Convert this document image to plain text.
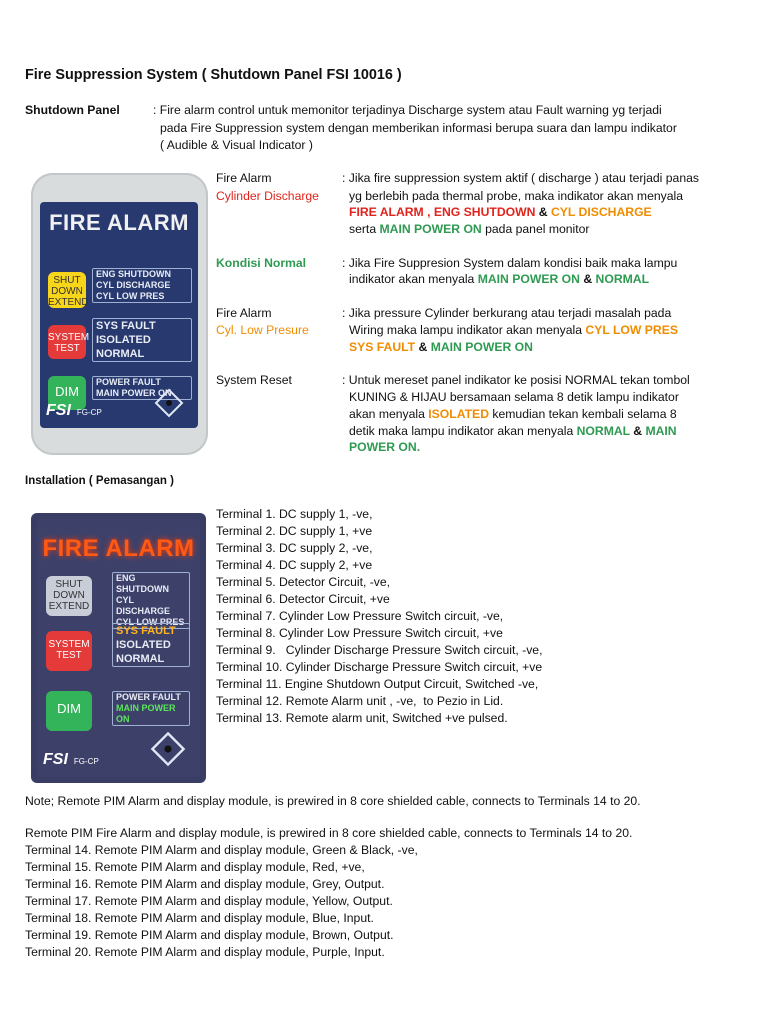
Fire Suppression System ( Shutdown Panel FSI 10016 )
Shutdown Panel	: Fire alarm control untuk memonitor terjadinya Discharge system atau Fault warning yg terjadi
pada Fire Suppression system dengan memberikan informasi berupa suara dan lampu indikator
( Audible & Visual Indicator )
FIRE ALARM
SHUT DOWN EXTEND
SYSTEM TEST
DIM
ENG SHUTDOWN
CYL DISCHARGE
CYL LOW PRES
SYS FAULT
ISOLATED
NORMAL
POWER FAULT
MAIN POWER ON
FSI FG-CP
Fire Alarm
Cylinder Discharge
: Jika fire suppression system aktif ( discharge ) atau terjadi panas
yg berlebih pada thermal probe, maka indikator akan menyala
FIRE ALARM , ENG SHUTDOWN & CYL DISCHARGE
serta MAIN POWER ON pada panel monitor
Kondisi Normal	: Jika Fire Suppresion System dalam kondisi baik maka lampu
indikator akan menyala MAIN POWER ON & NORMAL
Fire Alarm
Cyl. Low Presure
: Jika pressure Cylinder berkurang atau terjadi masalah pada
Wiring maka lampu indikator akan menyala CYL LOW PRES
SYS FAULT & MAIN POWER ON
System Reset	: Untuk mereset panel indikator ke posisi NORMAL tekan tombol
KUNING & HIJAU bersamaan selama 8 detik lampu indikator
akan menyala ISOLATED kemudian tekan kembali selama 8
detik maka lampu indikator akan menyala NORMAL & MAIN
POWER ON.
Installation ( Pemasangan )
FIRE ALARM
SHUT DOWN EXTEND
SYSTEM TEST
DIM
ENG SHUTDOWN
CYL DISCHARGE
CYL LOW PRES
SYS FAULT
ISOLATED
NORMAL
POWER FAULT
MAIN POWER ON
FSI FG-CP
Terminal 1. DC supply 1, -ve,
Terminal 2. DC supply 1, +ve
Terminal 3. DC supply 2, -ve,
Terminal 4. DC supply 2, +ve
Terminal 5. Detector Circuit, -ve,
Terminal 6. Detector Circuit, +ve
Terminal 7. Cylinder Low Pressure Switch circuit, -ve,
Terminal 8. Cylinder Low Pressure Switch circuit, +ve
Terminal 9.   Cylinder Discharge Pressure Switch circuit, -ve,
Terminal 10. Cylinder Discharge Pressure Switch circuit, +ve
Terminal 11. Engine Shutdown Output Circuit, Switched -ve,
Terminal 12. Remote Alarm unit , -ve,  to Pezio in Lid.
Terminal 13. Remote alarm unit, Switched +ve pulsed.
Note; Remote PIM Alarm and display module, is prewired in 8 core shielded cable, connects to Terminals 14 to 20.
Remote PIM Fire Alarm and display module, is prewired in 8 core shielded cable, connects to Terminals 14 to 20.
Terminal 14. Remote PIM Alarm and display module, Green & Black, -ve,
Terminal 15. Remote PIM Alarm and display module, Red, +ve,
Terminal 16. Remote PIM Alarm and display module, Grey, Output.
Terminal 17. Remote PIM Alarm and display module, Yellow, Output.
Terminal 18. Remote PIM Alarm and display module, Blue, Input.
Terminal 19. Remote PIM Alarm and display module, Brown, Output.
Terminal 20. Remote PIM Alarm and display module, Purple, Input.
